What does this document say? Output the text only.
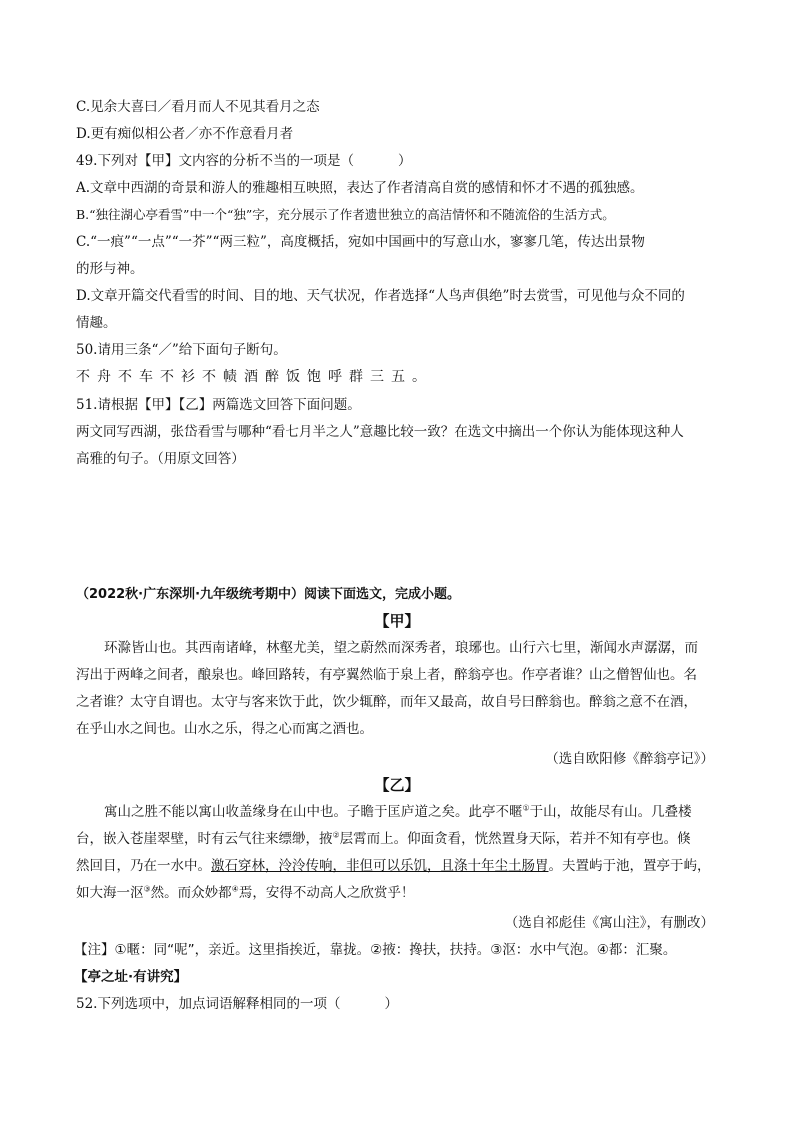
C.见余大喜曰／看月而人不见其看月之态
D.更有痴似相公者／亦不作意看月者
49.下列对【甲】文内容的分析不当的一项是（	）
A.文章中西湖的奇景和游人的雅趣相互映照，表达了作者清高自赏的感情和怀才不遇的孤独感。
B.“独往湖心亭看雪”中一个“独”字，充分展示了作者遗世独立的高洁情怀和不随流俗的生活方式。
C.“一痕”“一点”“一芥”“两三粒”，高度概括，宛如中国画中的写意山水，寥寥几笔，传达出景物
的形与神。
D.文章开篇交代看雪的时间、目的地、天气状况，作者选择“人鸟声俱绝”时去赏雪，可见他与众不同的
情趣。
50.请用三条“／”给下面句子断句。
不舟不车不衫不帻酒醉饭饱呼群三五。
51.请根据【甲】【乙】两篇选文回答下面问题。
两文同写西湖，张岱看雪与哪种“看七月半之人”意趣比较一致？在选文中摘出一个你认为能体现这种人
高雅的句子。（用原文回答）
（2022秋·广东深圳·九年级统考期中）阅读下面选文，完成小题。
【甲】
环滁皆山也。其西南诸峰，林壑尤美，望之蔚然而深秀者，琅琊也。山行六七里，渐闻水声潺潺，而
泻出于两峰之间者，酿泉也。峰回路转，有亭翼然临于泉上者，醉翁亭也。作亭者谁？山之僧智仙也。名
之者谁？太守自谓也。太守与客来饮于此，饮少辄醉，而年又最高，故自号曰醉翁也。醉翁之意不在酒，
在乎山水之间也。山水之乐，得之心而寓之酒也。
（选自欧阳修《醉翁亭记》）
【乙】
寓山之胜不能以寓山收盖缘身在山中也。子瞻于匡庐道之矣。此亭不暱①于山，故能尽有山。几叠楼
台，嵌入苍崖翠壁，时有云气往来缥缈，掖②层霄而上。仰面贪看，恍然置身天际，若并不知有亭也。倏
然回目，乃在一水中。激石穿林，泠泠传响，非但可以乐饥，且涤十年尘土肠胃。夫置屿于池，置亭于屿，
如大海一沤③然。而众妙都④焉，安得不动高人之欣赏乎！
（选自祁彪佳《寓山注》，有删改）
【注】①暱：同“呢”，亲近。这里指挨近，靠拢。②掖：搀扶，扶持。③沤：水中气泡。④都：汇聚。
【亭之址·有讲究】
52.下列选项中，加点词语解释相同的一项（	）
